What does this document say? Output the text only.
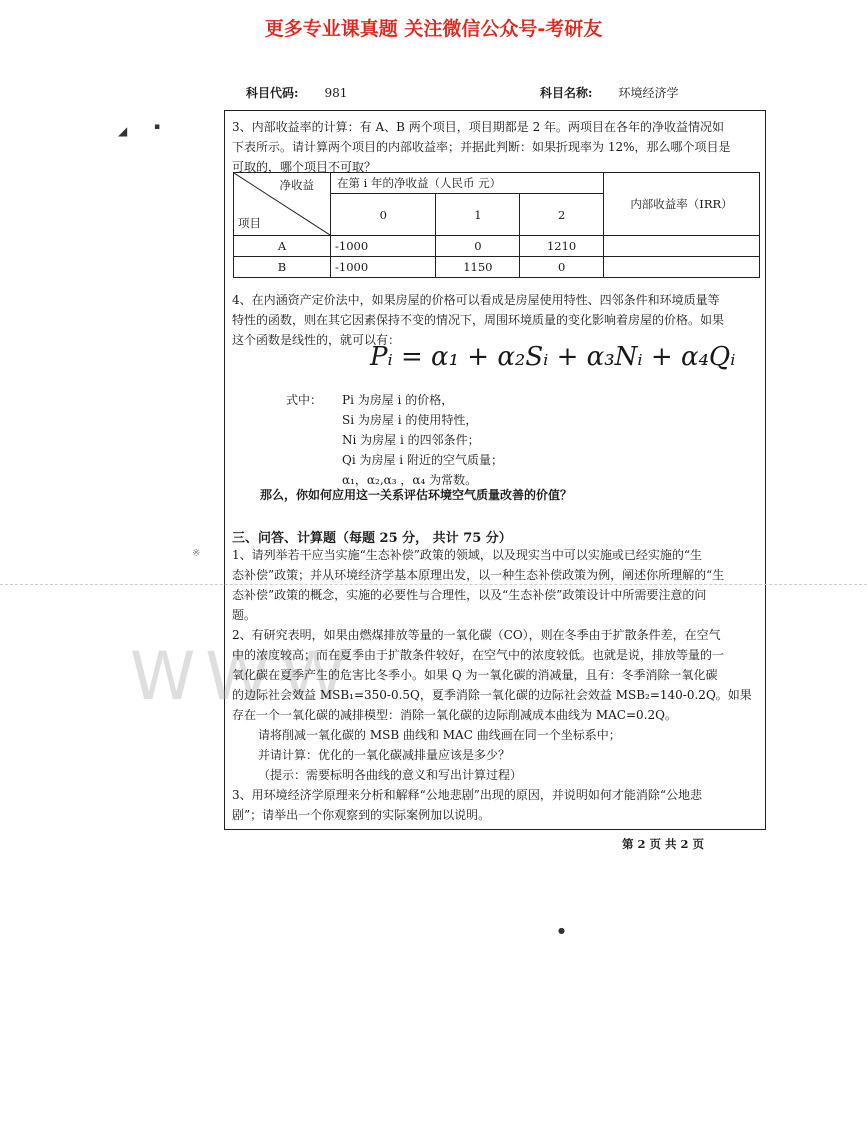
更多专业课真题 关注微信公众号-考研友
科目代码: 981	科目名称: 环境经济学
WWW
◢	▪
※
●

3、内部收益率的计算：有 A、B 两个项目，项目期都是 2 年。两项目在各年的净收益情况如

下表所示。请计算两个项目的内部收益率；并据此判断：如果折现率为 12%，那么哪个项目是

可取的，哪个项目不可取？

净收益
项目	在第 i 年的净收益（人民币 元）			内部收益率（IRR）
	0	1	2	
A	-1000	0	1210	
B	-1000	1150	0	

4、在内涵资产定价法中，如果房屋的价格可以看成是房屋使用特性、四邻条件和环境质量等

特性的函数，则在其它因素保持不变的情况下，周围环境质量的变化影响着房屋的价格。如果

这个函数是线性的，就可以有：

Pᵢ = α₁ + α₂Sᵢ + α₃Nᵢ + α₄Qᵢ
式中： Pi 为房屋 i 的价格，
Si 为房屋 i 的使用特性，
Ni 为房屋 i 的四邻条件；
Qi 为房屋 i 附近的空气质量；
α₁，α₂,α₃ ，α₄ 为常数。
那么，你如何应用这一关系评估环境空气质量改善的价值？
三、问答、计算题（每题 25 分， 共计 75 分）

1、请列举若干应当实施“生态补偿”政策的领域，以及现实当中可以实施或已经实施的“生

态补偿”政策；并从环境经济学基本原理出发，以一种生态补偿政策为例，阐述你所理解的“生

态补偿”政策的概念，实施的必要性与合理性，以及“生态补偿”政策设计中所需要注意的问

题。

2、有研究表明，如果由燃煤排放等量的一氧化碳（CO），则在冬季由于扩散条件差，在空气

中的浓度较高；而在夏季由于扩散条件较好，在空气中的浓度较低。也就是说，排放等量的一

氧化碳在夏季产生的危害比冬季小。如果 Q 为一氧化碳的消减量，且有：冬季消除一氧化碳

的边际社会效益 MSB₁=350-0.5Q，夏季消除一氧化碳的边际社会效益 MSB₂=140-0.2Q。如果

存在一个一氧化碳的减排模型：消除一氧化碳的边际削减成本曲线为 MAC=0.2Q。

请将削减一氧化碳的 MSB 曲线和 MAC 曲线画在同一个坐标系中；

并请计算：优化的一氧化碳减排量应该是多少？

（提示：需要标明各曲线的意义和写出计算过程）

3、用环境经济学原理来分析和解释“公地悲剧”出现的原因，并说明如何才能消除“公地悲

剧”；请举出一个你观察到的实际案例加以说明。

第 2 页 共 2 页
